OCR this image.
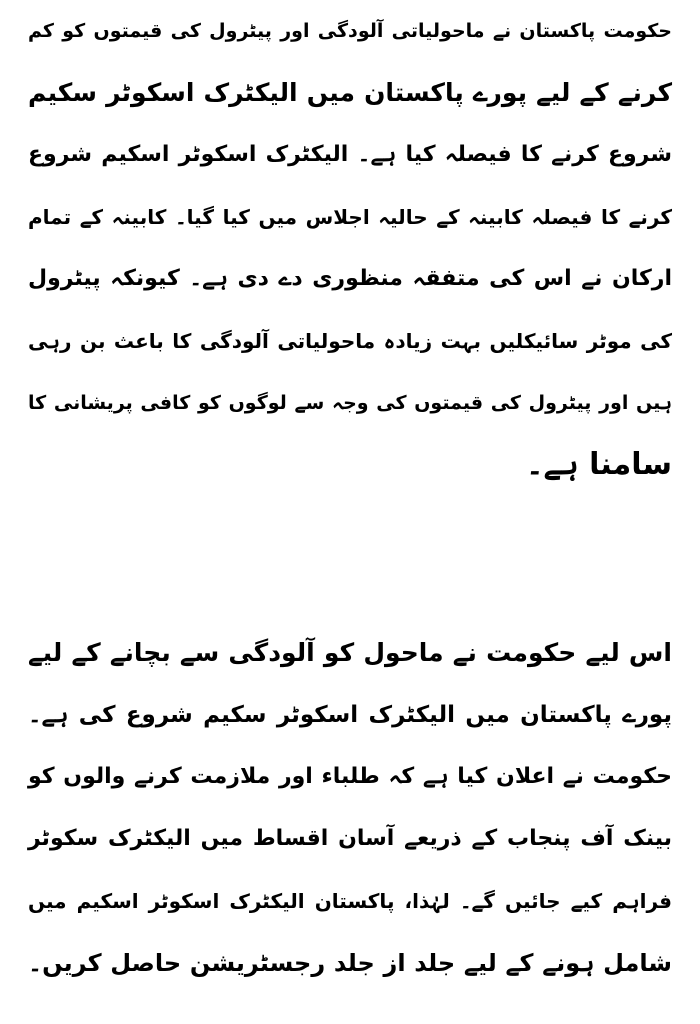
حکومت پاکستان نے ماحولیاتی آلودگی اور پیٹرول کی قیمتوں کو کم
کرنے کے لیے پورے پاکستان میں الیکٹرک اسکوٹر سکیم
شروع کرنے کا فیصلہ کیا ہے۔ الیکٹرک اسکوٹر اسکیم شروع
کرنے کا فیصلہ کابینہ کے حالیہ اجلاس میں کیا گیا۔ کابینہ کے تمام
ارکان نے اس کی متفقہ منظوری دے دی ہے۔ کیونکہ پیٹرول
کی موٹر سائیکلیں بہت زیادہ ماحولیاتی آلودگی کا باعث بن رہی
ہیں اور پیٹرول کی قیمتوں کی وجہ سے لوگوں کو کافی پریشانی کا
سامنا ہے۔
اس لیے حکومت نے ماحول کو آلودگی سے بچانے کے لیے
پورے پاکستان میں الیکٹرک اسکوٹر سکیم شروع کی ہے۔
حکومت نے اعلان کیا ہے کہ طلباء اور ملازمت کرنے والوں کو
بینک آف پنجاب کے ذریعے آسان اقساط میں الیکٹرک سکوٹر
فراہم کیے جائیں گے۔ لہٰذا، پاکستان الیکٹرک اسکوٹر اسکیم میں
شامل ہونے کے لیے جلد از جلد رجسٹریشن حاصل کریں۔
